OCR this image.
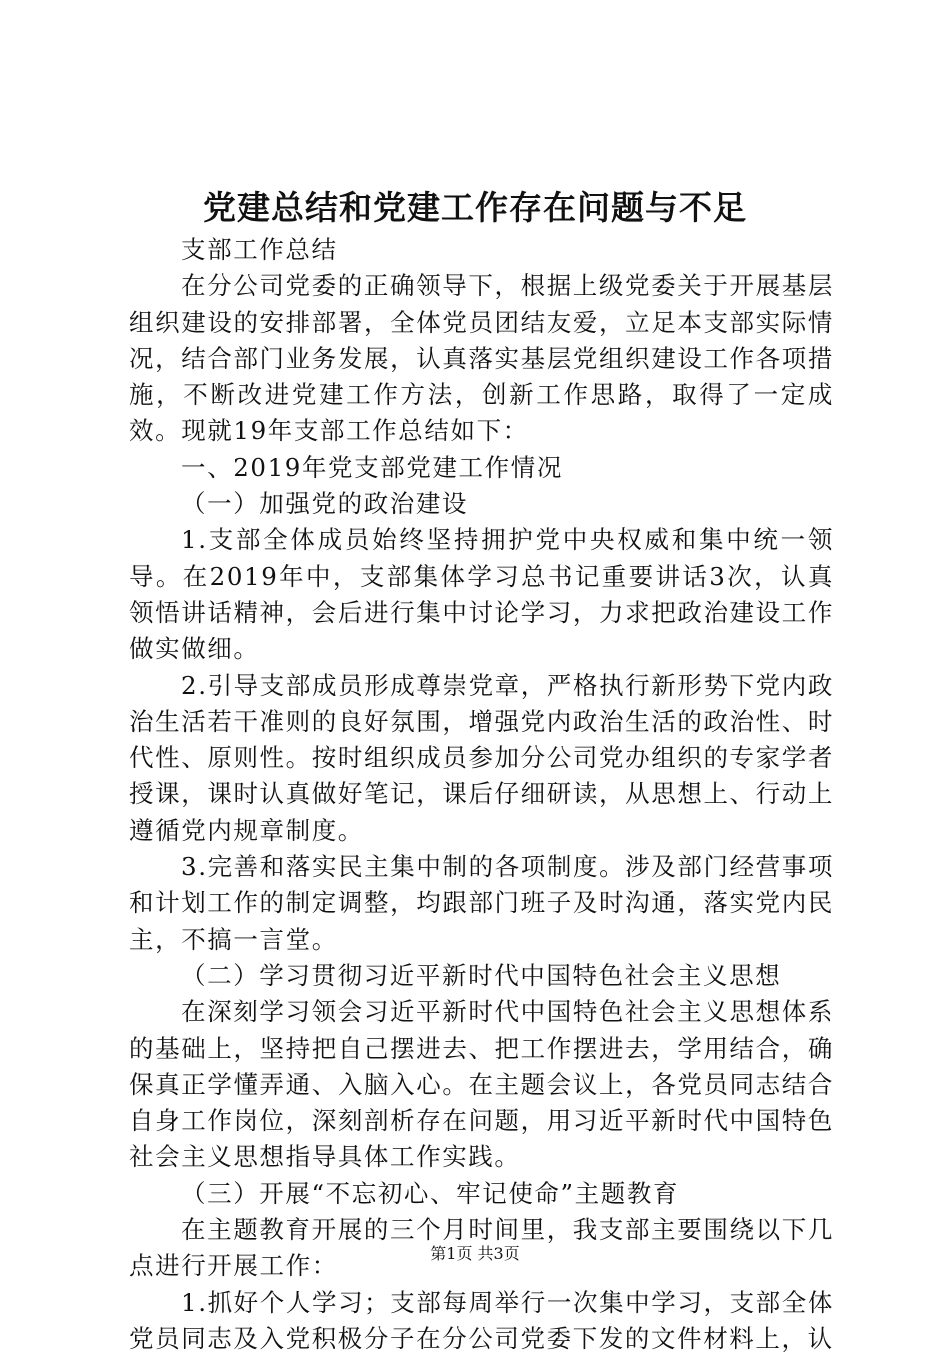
党建总结和党建工作存在问题与不足

支部工作总结

在分公司党委的正确领导下，根据上级党委关于开展基层组织建设的安排部署，全体党员团结友爱，立足本支部实际情况，结合部门业务发展，认真落实基层党组织建设工作各项措施，不断改进党建工作方法，创新工作思路，取得了一定成效。现就19年支部工作总结如下：

一、2019年党支部党建工作情况

（一）加强党的政治建设

1.支部全体成员始终坚持拥护党中央权威和集中统一领导。在2019年中，支部集体学习总书记重要讲话3次，认真领悟讲话精神，会后进行集中讨论学习，力求把政治建设工作做实做细。

2.引导支部成员形成尊崇党章，严格执行新形势下党内政治生活若干准则的良好氛围，增强党内政治生活的政治性、时代性、原则性。按时组织成员参加分公司党办组织的专家学者授课，课时认真做好笔记，课后仔细研读，从思想上、行动上遵循党内规章制度。

3.完善和落实民主集中制的各项制度。涉及部门经营事项和计划工作的制定调整，均跟部门班子及时沟通，落实党内民主，不搞一言堂。

（二）学习贯彻习近平新时代中国特色社会主义思想

在深刻学习领会习近平新时代中国特色社会主义思想体系的基础上，坚持把自己摆进去、把工作摆进去，学用结合，确保真正学懂弄通、入脑入心。在主题会议上，各党员同志结合自身工作岗位，深刻剖析存在问题，用习近平新时代中国特色社会主义思想指导具体工作实践。

（三）开展“不忘初心、牢记使命”主题教育

在主题教育开展的三个月时间里，我支部主要围绕以下几点进行开展工作：

1.抓好个人学习；支部每周举行一次集中学习，支部全体党员同志及入党积极分子在分公司党委下发的文件材料上，认

第1页 共3页
